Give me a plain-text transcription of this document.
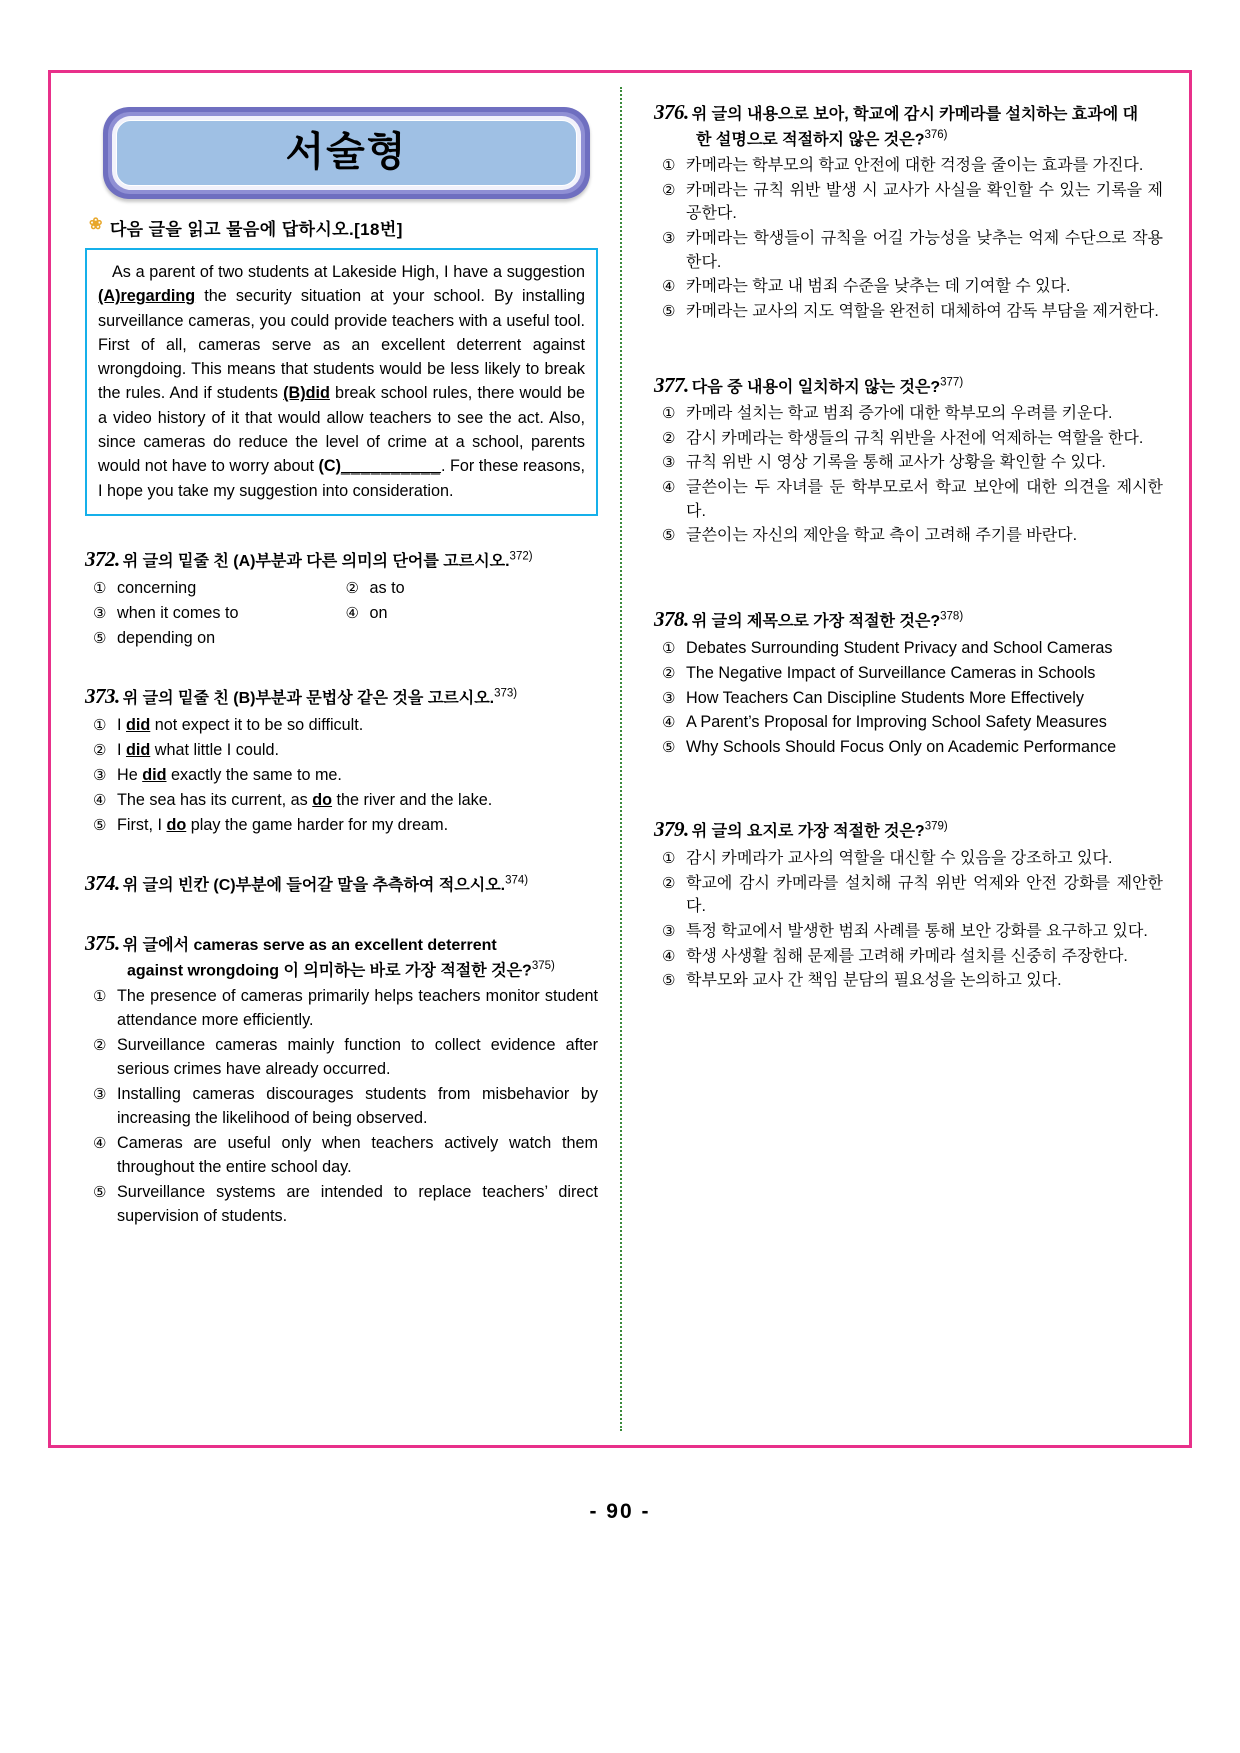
서술형
❀ 다음 글을 읽고 물음에 답하시오.[18번]
As a parent of two students at Lakeside High, I have a suggestion (A)regarding the security situation at your school. By installing surveillance cameras, you could provide teachers with a useful tool. First of all, cameras serve as an excellent deterrent against wrongdoing. This means that students would be less likely to break the rules. And if students (B)did break school rules, there would be a video history of it that would allow teachers to see the act. Also, since cameras do reduce the level of crime at a school, parents would not have to worry about (C)__________. For these reasons, I hope you take my suggestion into consideration.
372. 위 글의 밑줄 친 (A)부분과 다른 의미의 단어를 고르시오.$^{372)}$
① concerning	② as to
③ when it comes to	④ on
⑤ depending on
373. 위 글의 밑줄 친 (B)부분과 문법상 같은 것을 고르시오.$^{373)}$
① I did not expect it to be so difficult.
② I did what little I could.
③ He did exactly the same to me.
④ The sea has its current, as do the river and the lake.
⑤ First, I do play the game harder for my dream.
374. 위 글의 빈칸 (C)부분에 들어갈 말을 추측하여 적으시오.$^{374)}$
375. 위 글에서 cameras serve as an excellent deterrent
against wrongdoing 이 의미하는 바로 가장 적절한 것은?$^{375)}$
① The presence of cameras primarily helps teachers monitor student attendance more efficiently.
② Surveillance cameras mainly function to collect evidence after serious crimes have already occurred.
③ Installing cameras discourages students from misbehavior by increasing the likelihood of being observed.
④ Cameras are useful only when teachers actively watch them throughout the entire school day.
⑤ Surveillance systems are intended to replace teachers’ direct supervision of students.
376. 위 글의 내용으로 보아, 학교에 감시 카메라를 설치하는 효과에 대
한 설명으로 적절하지 않은 것은?$^{376)}$
① 카메라는 학부모의 학교 안전에 대한 걱정을 줄이는 효과를 가진다.
② 카메라는 규칙 위반 발생 시 교사가 사실을 확인할 수 있는 기록을 제공한다.
③ 카메라는 학생들이 규칙을 어길 가능성을 낮추는 억제 수단으로 작용한다.
④ 카메라는 학교 내 범죄 수준을 낮추는 데 기여할 수 있다.
⑤ 카메라는 교사의 지도 역할을 완전히 대체하여 감독 부담을 제거한다.
377. 다음 중 내용이 일치하지 않는 것은?$^{377)}$
① 카메라 설치는 학교 범죄 증가에 대한 학부모의 우려를 키운다.
② 감시 카메라는 학생들의 규칙 위반을 사전에 억제하는 역할을 한다.
③ 규칙 위반 시 영상 기록을 통해 교사가 상황을 확인할 수 있다.
④ 글쓴이는 두 자녀를 둔 학부모로서 학교 보안에 대한 의견을 제시한다.
⑤ 글쓴이는 자신의 제안을 학교 측이 고려해 주기를 바란다.
378. 위 글의 제목으로 가장 적절한 것은?$^{378)}$
① Debates Surrounding Student Privacy and School Cameras
② The Negative Impact of Surveillance Cameras in Schools
③ How Teachers Can Discipline Students More Effectively
④ A Parent’s Proposal for Improving School Safety Measures
⑤ Why Schools Should Focus Only on Academic Performance
379. 위 글의 요지로 가장 적절한 것은?$^{379)}$
① 감시 카메라가 교사의 역할을 대신할 수 있음을 강조하고 있다.
② 학교에 감시 카메라를 설치해 규칙 위반 억제와 안전 강화를 제안한다.
③ 특정 학교에서 발생한 범죄 사례를 통해 보안 강화를 요구하고 있다.
④ 학생 사생활 침해 문제를 고려해 카메라 설치를 신중히 주장한다.
⑤ 학부모와 교사 간 책임 분담의 필요성을 논의하고 있다.
- 90 -
